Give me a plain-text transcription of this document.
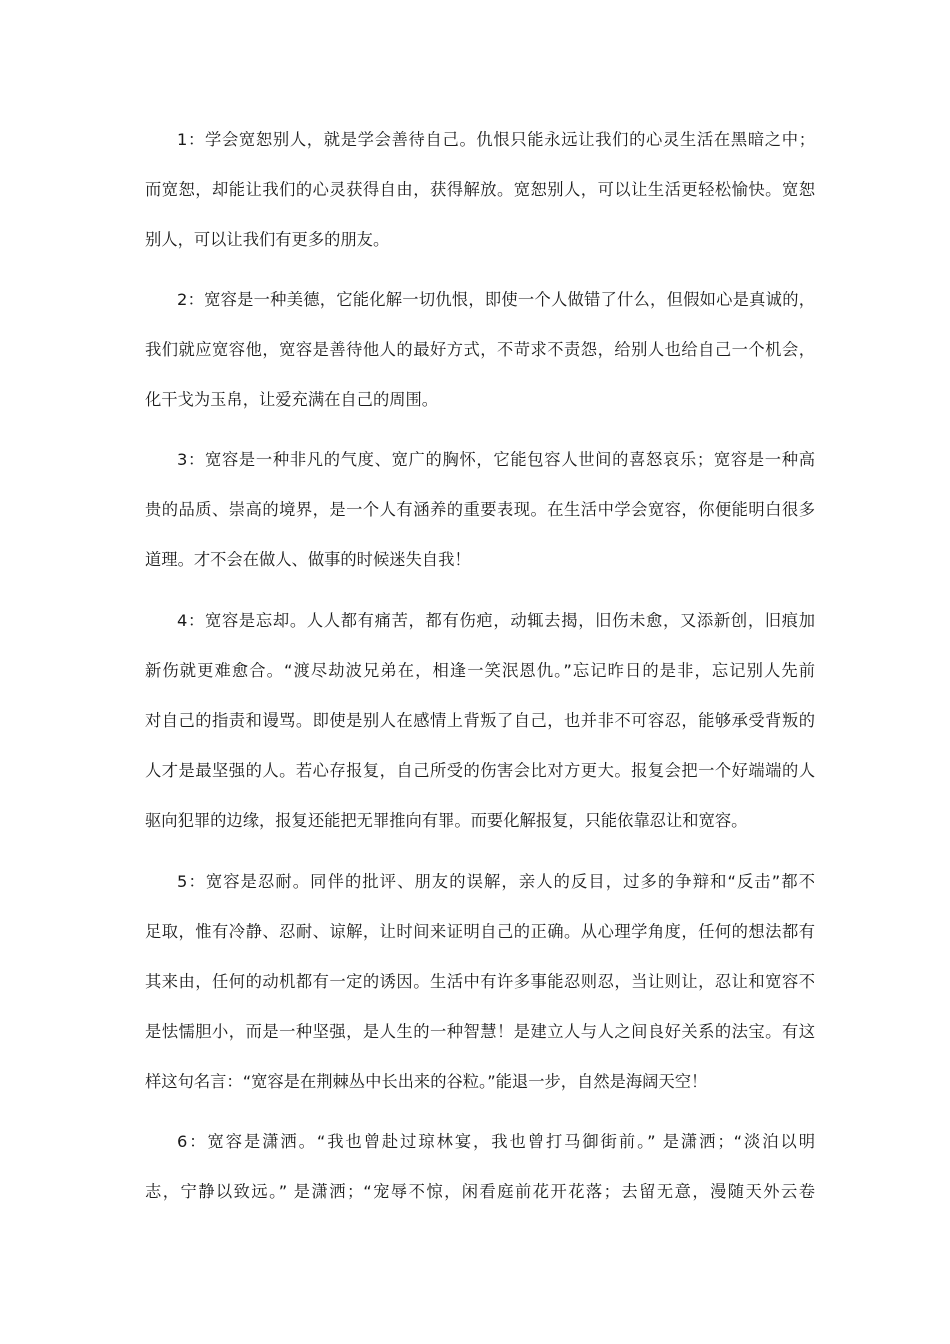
1：学会宽恕别人，就是学会善待自己。仇恨只能永远让我们的心灵生活在黑暗之中；
而宽恕，却能让我们的心灵获得自由，获得解放。宽恕别人，可以让生活更轻松愉快。宽恕
别人，可以让我们有更多的朋友。
2：宽容是一种美德，它能化解一切仇恨，即使一个人做错了什么，但假如心是真诚的，
我们就应宽容他，宽容是善待他人的最好方式，不苛求不责怨，给别人也给自己一个机会，
化干戈为玉帛，让爱充满在自己的周围。
3：宽容是一种非凡的气度、宽广的胸怀，它能包容人世间的喜怒哀乐；宽容是一种高
贵的品质、崇高的境界，是一个人有涵养的重要表现。在生活中学会宽容，你便能明白很多
道理。才不会在做人、做事的时候迷失自我！
4：宽容是忘却。人人都有痛苦，都有伤疤，动辄去揭，旧伤未愈，又添新创，旧痕加
新伤就更难愈合。“渡尽劫波兄弟在，相逢一笑泯恩仇。”忘记昨日的是非，忘记别人先前
对自己的指责和谩骂。即使是别人在感情上背叛了自己，也并非不可容忍，能够承受背叛的
人才是最坚强的人。若心存报复，自己所受的伤害会比对方更大。报复会把一个好端端的人
驱向犯罪的边缘，报复还能把无罪推向有罪。而要化解报复，只能依靠忍让和宽容。
5：宽容是忍耐。同伴的批评、朋友的误解，亲人的反目，过多的争辩和“反击”都不
足取，惟有冷静、忍耐、谅解，让时间来证明自己的正确。从心理学角度，任何的想法都有
其来由，任何的动机都有一定的诱因。生活中有许多事能忍则忍，当让则让，忍让和宽容不
是怯懦胆小，而是一种坚强，是人生的一种智慧！是建立人与人之间良好关系的法宝。有这
样这句名言：“宽容是在荆棘丛中长出来的谷粒。”能退一步，自然是海阔天空！
6：宽容是潇洒。“我也曾赴过琼林宴，我也曾打马御街前。” 是潇洒；“淡泊以明
志，宁静以致远。” 是潇洒；“宠辱不惊，闲看庭前花开花落；去留无意，漫随天外云卷
